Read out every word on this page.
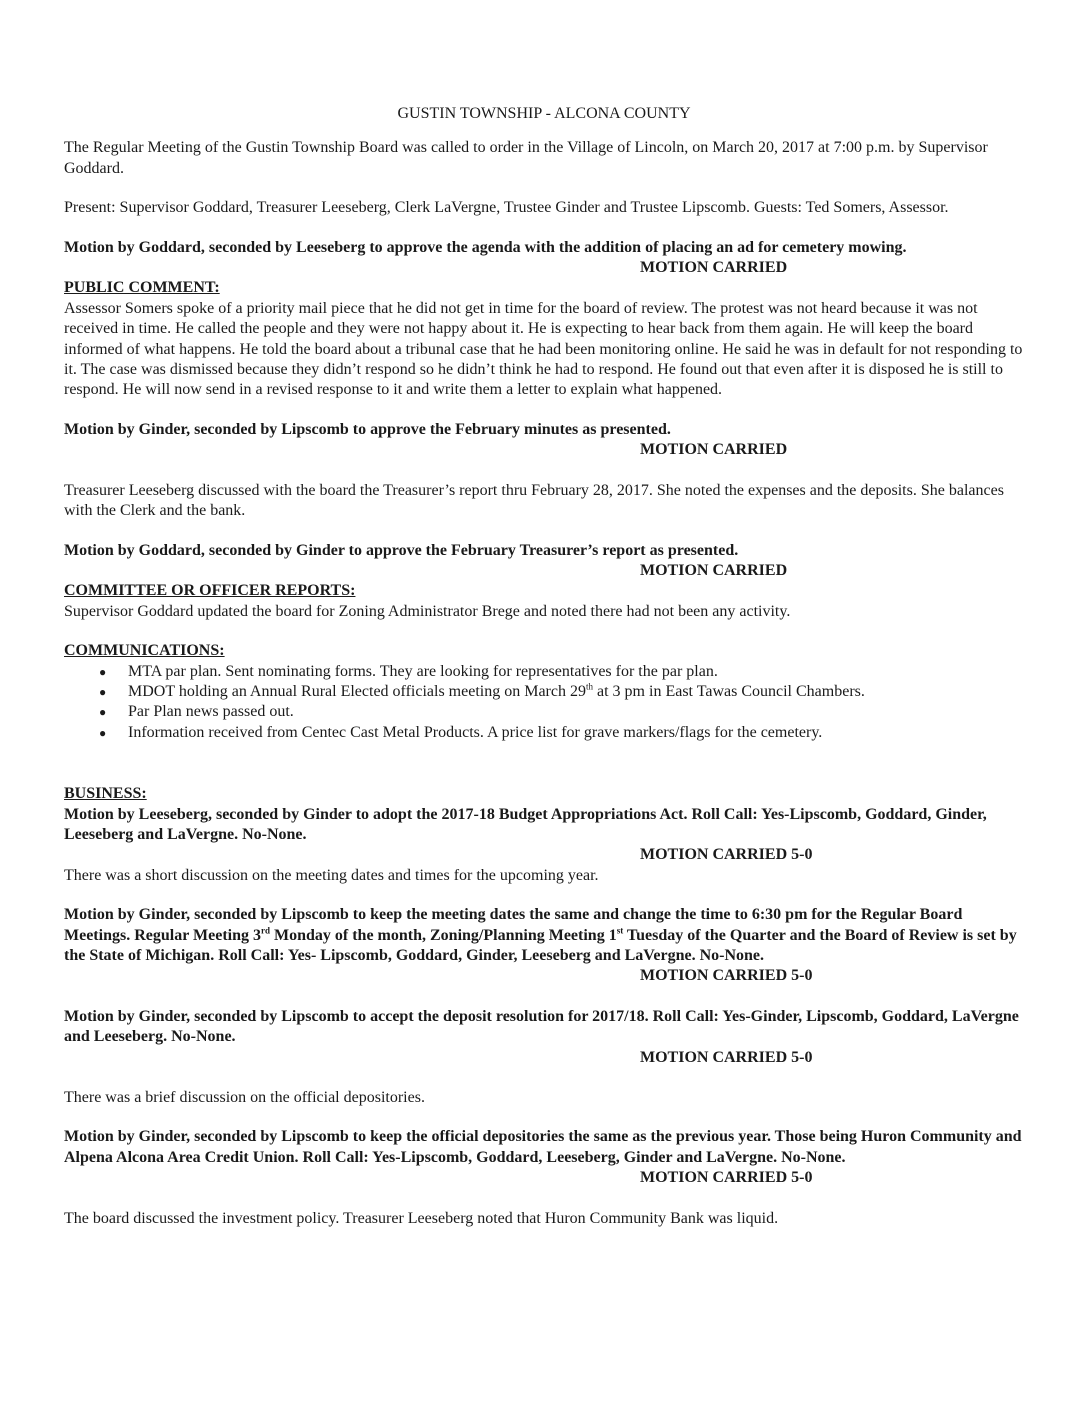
GUSTIN TOWNSHIP - ALCONA COUNTY

The Regular Meeting of the Gustin Township Board was called to order in the Village of Lincoln, on March 20, 2017 at 7:00 p.m. by Supervisor Goddard.

Present: Supervisor Goddard, Treasurer Leeseberg, Clerk LaVergne, Trustee Ginder and Trustee Lipscomb. Guests: Ted Somers, Assessor.

Motion by Goddard, seconded by Leeseberg to approve the agenda with the addition of placing an ad for cemetery mowing.

MOTION CARRIED

PUBLIC COMMENT:

Assessor Somers spoke of a priority mail piece that he did not get in time for the board of review. The protest was not heard because it was not received in time. He called the people and they were not happy about it. He is expecting to hear back from them again. He will keep the board informed of what happens. He told the board about a tribunal case that he had been monitoring online. He said he was in default for not responding to it. The case was dismissed because they didn’t respond so he didn’t think he had to respond. He found out that even after it is disposed he is still to respond. He will now send in a revised response to it and write them a letter to explain what happened.

Motion by Ginder, seconded by Lipscomb to approve the February minutes as presented.

MOTION CARRIED

Treasurer Leeseberg discussed with the board the Treasurer’s report thru February 28, 2017. She noted the expenses and the deposits. She balances with the Clerk and the bank.

Motion by Goddard, seconded by Ginder to approve the February Treasurer’s report as presented.

MOTION CARRIED

COMMITTEE OR OFFICER REPORTS:

Supervisor Goddard updated the board for Zoning Administrator Brege and noted there had not been any activity.

COMMUNICATIONS:

● MTA par plan. Sent nominating forms. They are looking for representatives for the par plan.
● MDOT holding an Annual Rural Elected officials meeting on March 29th at 3 pm in East Tawas Council Chambers.
● Par Plan news passed out.
● Information received from Centec Cast Metal Products. A price list for grave markers/flags for the cemetery.

BUSINESS:

Motion by Leeseberg, seconded by Ginder to adopt the 2017-18 Budget Appropriations Act. Roll Call: Yes-Lipscomb, Goddard, Ginder, Leeseberg and LaVergne. No-None.

MOTION CARRIED 5-0

There was a short discussion on the meeting dates and times for the upcoming year.

Motion by Ginder, seconded by Lipscomb to keep the meeting dates the same and change the time to 6:30 pm for the Regular Board Meetings. Regular Meeting 3rd Monday of the month, Zoning/Planning Meeting 1st Tuesday of the Quarter and the Board of Review is set by the State of Michigan. Roll Call: Yes- Lipscomb, Goddard, Ginder, Leeseberg and LaVergne. No-None.

MOTION CARRIED 5-0

Motion by Ginder, seconded by Lipscomb to accept the deposit resolution for 2017/18. Roll Call: Yes-Ginder, Lipscomb, Goddard, LaVergne and Leeseberg. No-None.

MOTION CARRIED 5-0

There was a brief discussion on the official depositories.

Motion by Ginder, seconded by Lipscomb to keep the official depositories the same as the previous year. Those being Huron Community and Alpena Alcona Area Credit Union. Roll Call: Yes-Lipscomb, Goddard, Leeseberg, Ginder and LaVergne. No-None.

MOTION CARRIED 5-0

The board discussed the investment policy. Treasurer Leeseberg noted that Huron Community Bank was liquid.
